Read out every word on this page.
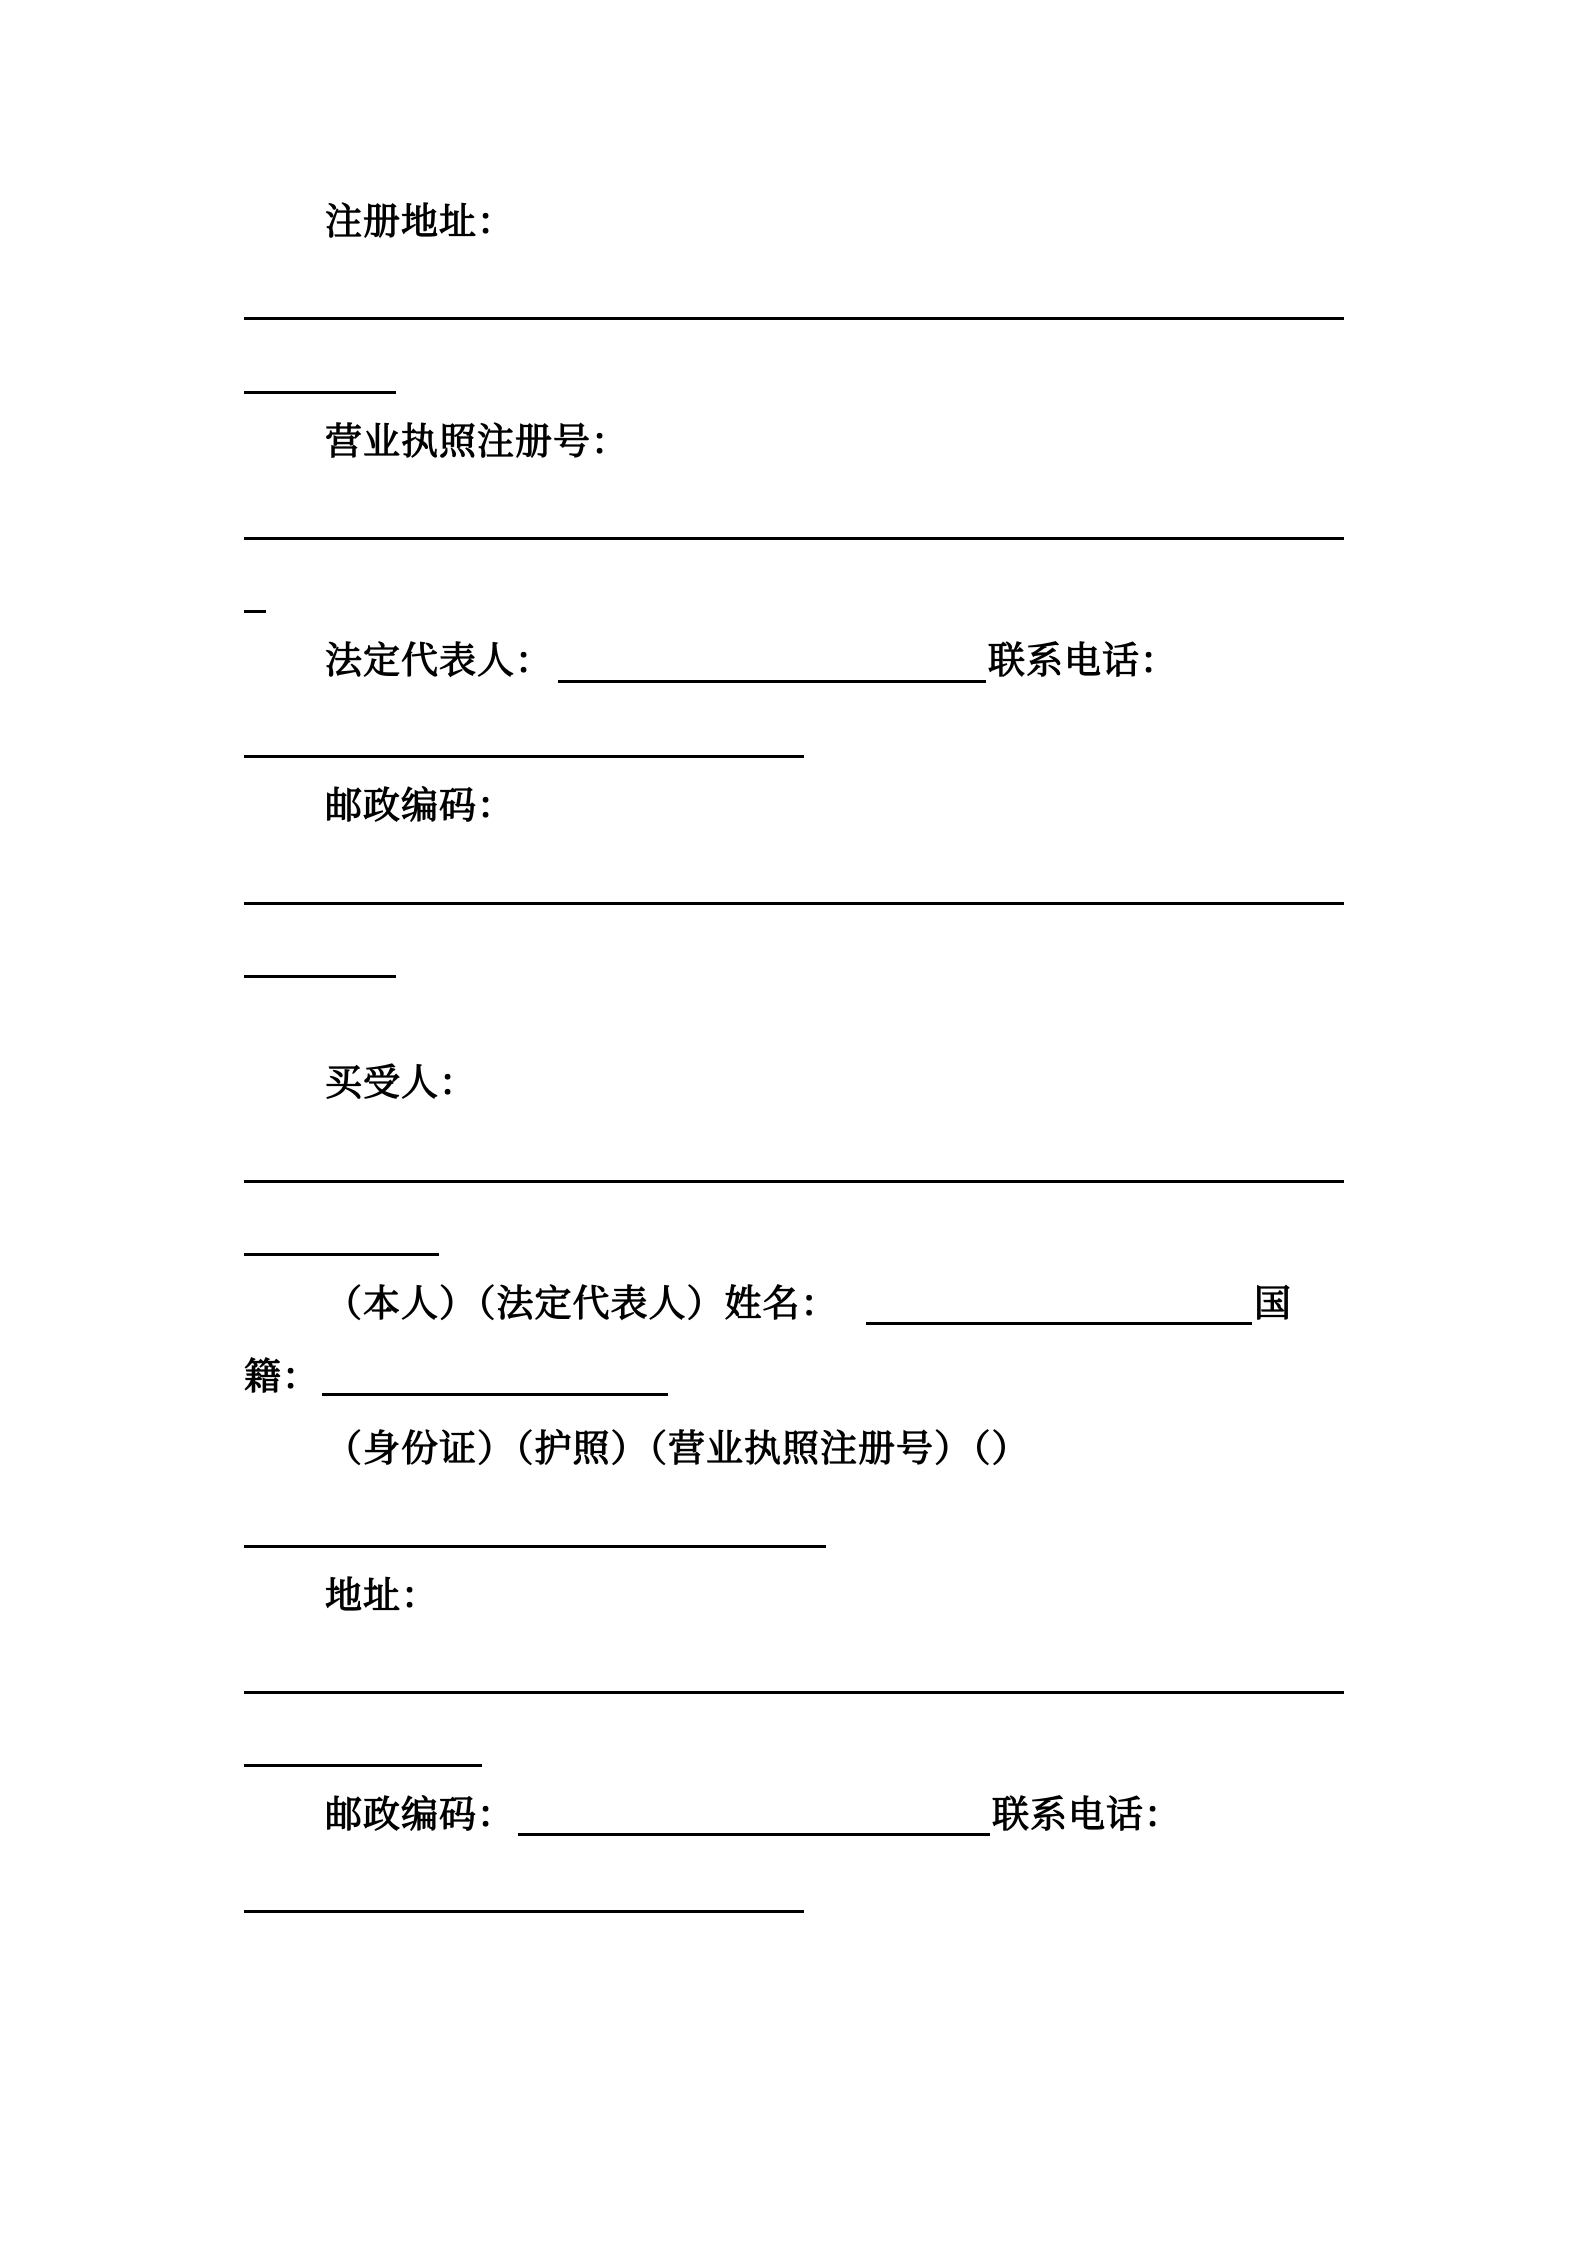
注册地址：
营业执照注册号：
法定代表人：	联系电话：
邮政编码：
买受人：
（本人）（法定代表人）姓名：	国
籍：
（身份证）（护照）（营业执照注册号）（）
地址：
邮政编码：	联系电话：
